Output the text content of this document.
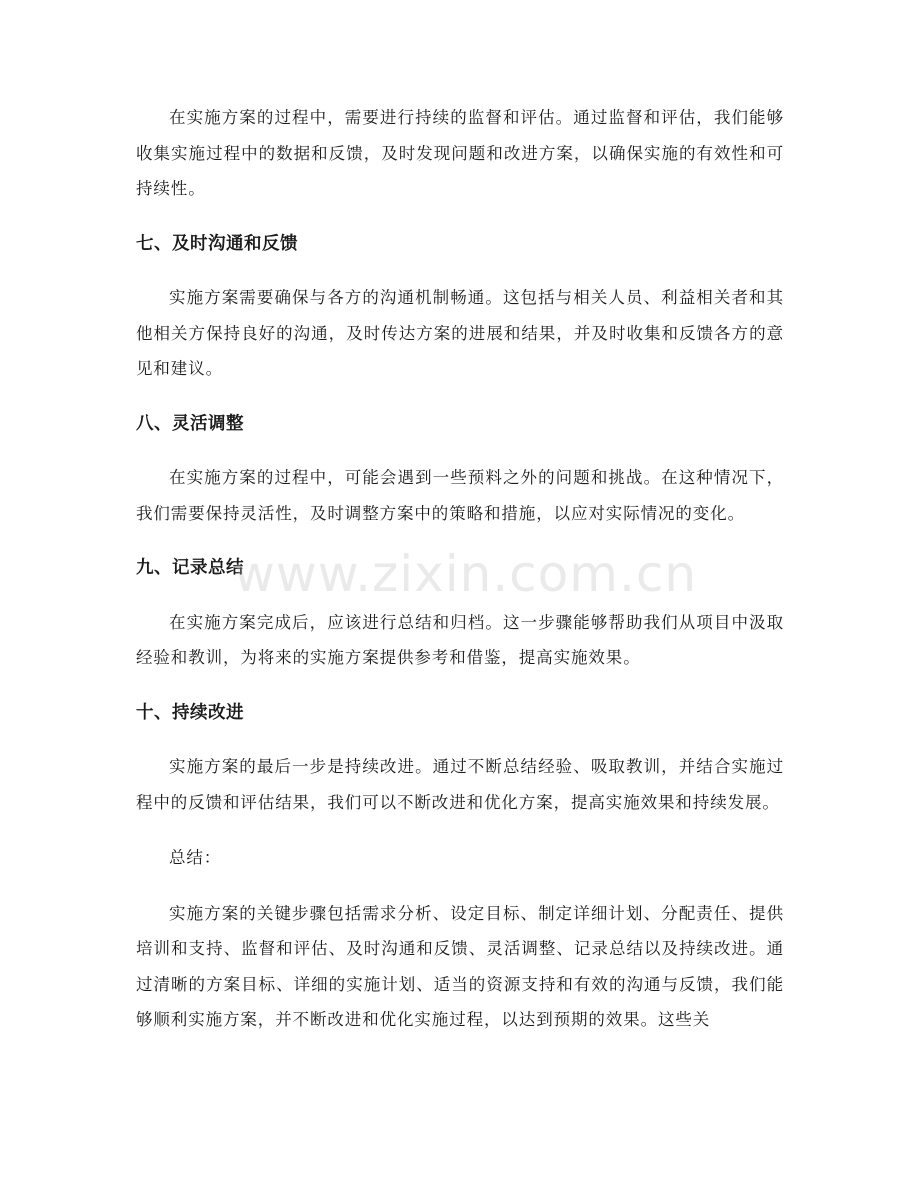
在实施方案的过程中，需要进行持续的监督和评估。通过监督和评估，我们能够收集实施过程中的数据和反馈，及时发现问题和改进方案，以确保实施的有效性和可持续性。

七、及时沟通和反馈

实施方案需要确保与各方的沟通机制畅通。这包括与相关人员、利益相关者和其他相关方保持良好的沟通，及时传达方案的进展和结果，并及时收集和反馈各方的意见和建议。

八、灵活调整

在实施方案的过程中，可能会遇到一些预料之外的问题和挑战。在这种情况下，我们需要保持灵活性，及时调整方案中的策略和措施，以应对实际情况的变化。

九、记录总结

在实施方案完成后，应该进行总结和归档。这一步骤能够帮助我们从项目中汲取经验和教训，为将来的实施方案提供参考和借鉴，提高实施效果。

十、持续改进

实施方案的最后一步是持续改进。通过不断总结经验、吸取教训，并结合实施过程中的反馈和评估结果，我们可以不断改进和优化方案，提高实施效果和持续发展。

总结：

实施方案的关键步骤包括需求分析、设定目标、制定详细计划、分配责任、提供培训和支持、监督和评估、及时沟通和反馈、灵活调整、记录总结以及持续改进。通过清晰的方案目标、详细的实施计划、适当的资源支持和有效的沟通与反馈，我们能够顺利实施方案，并不断改进和优化实施过程，以达到预期的效果。这些关

www.zixin.com.cn
